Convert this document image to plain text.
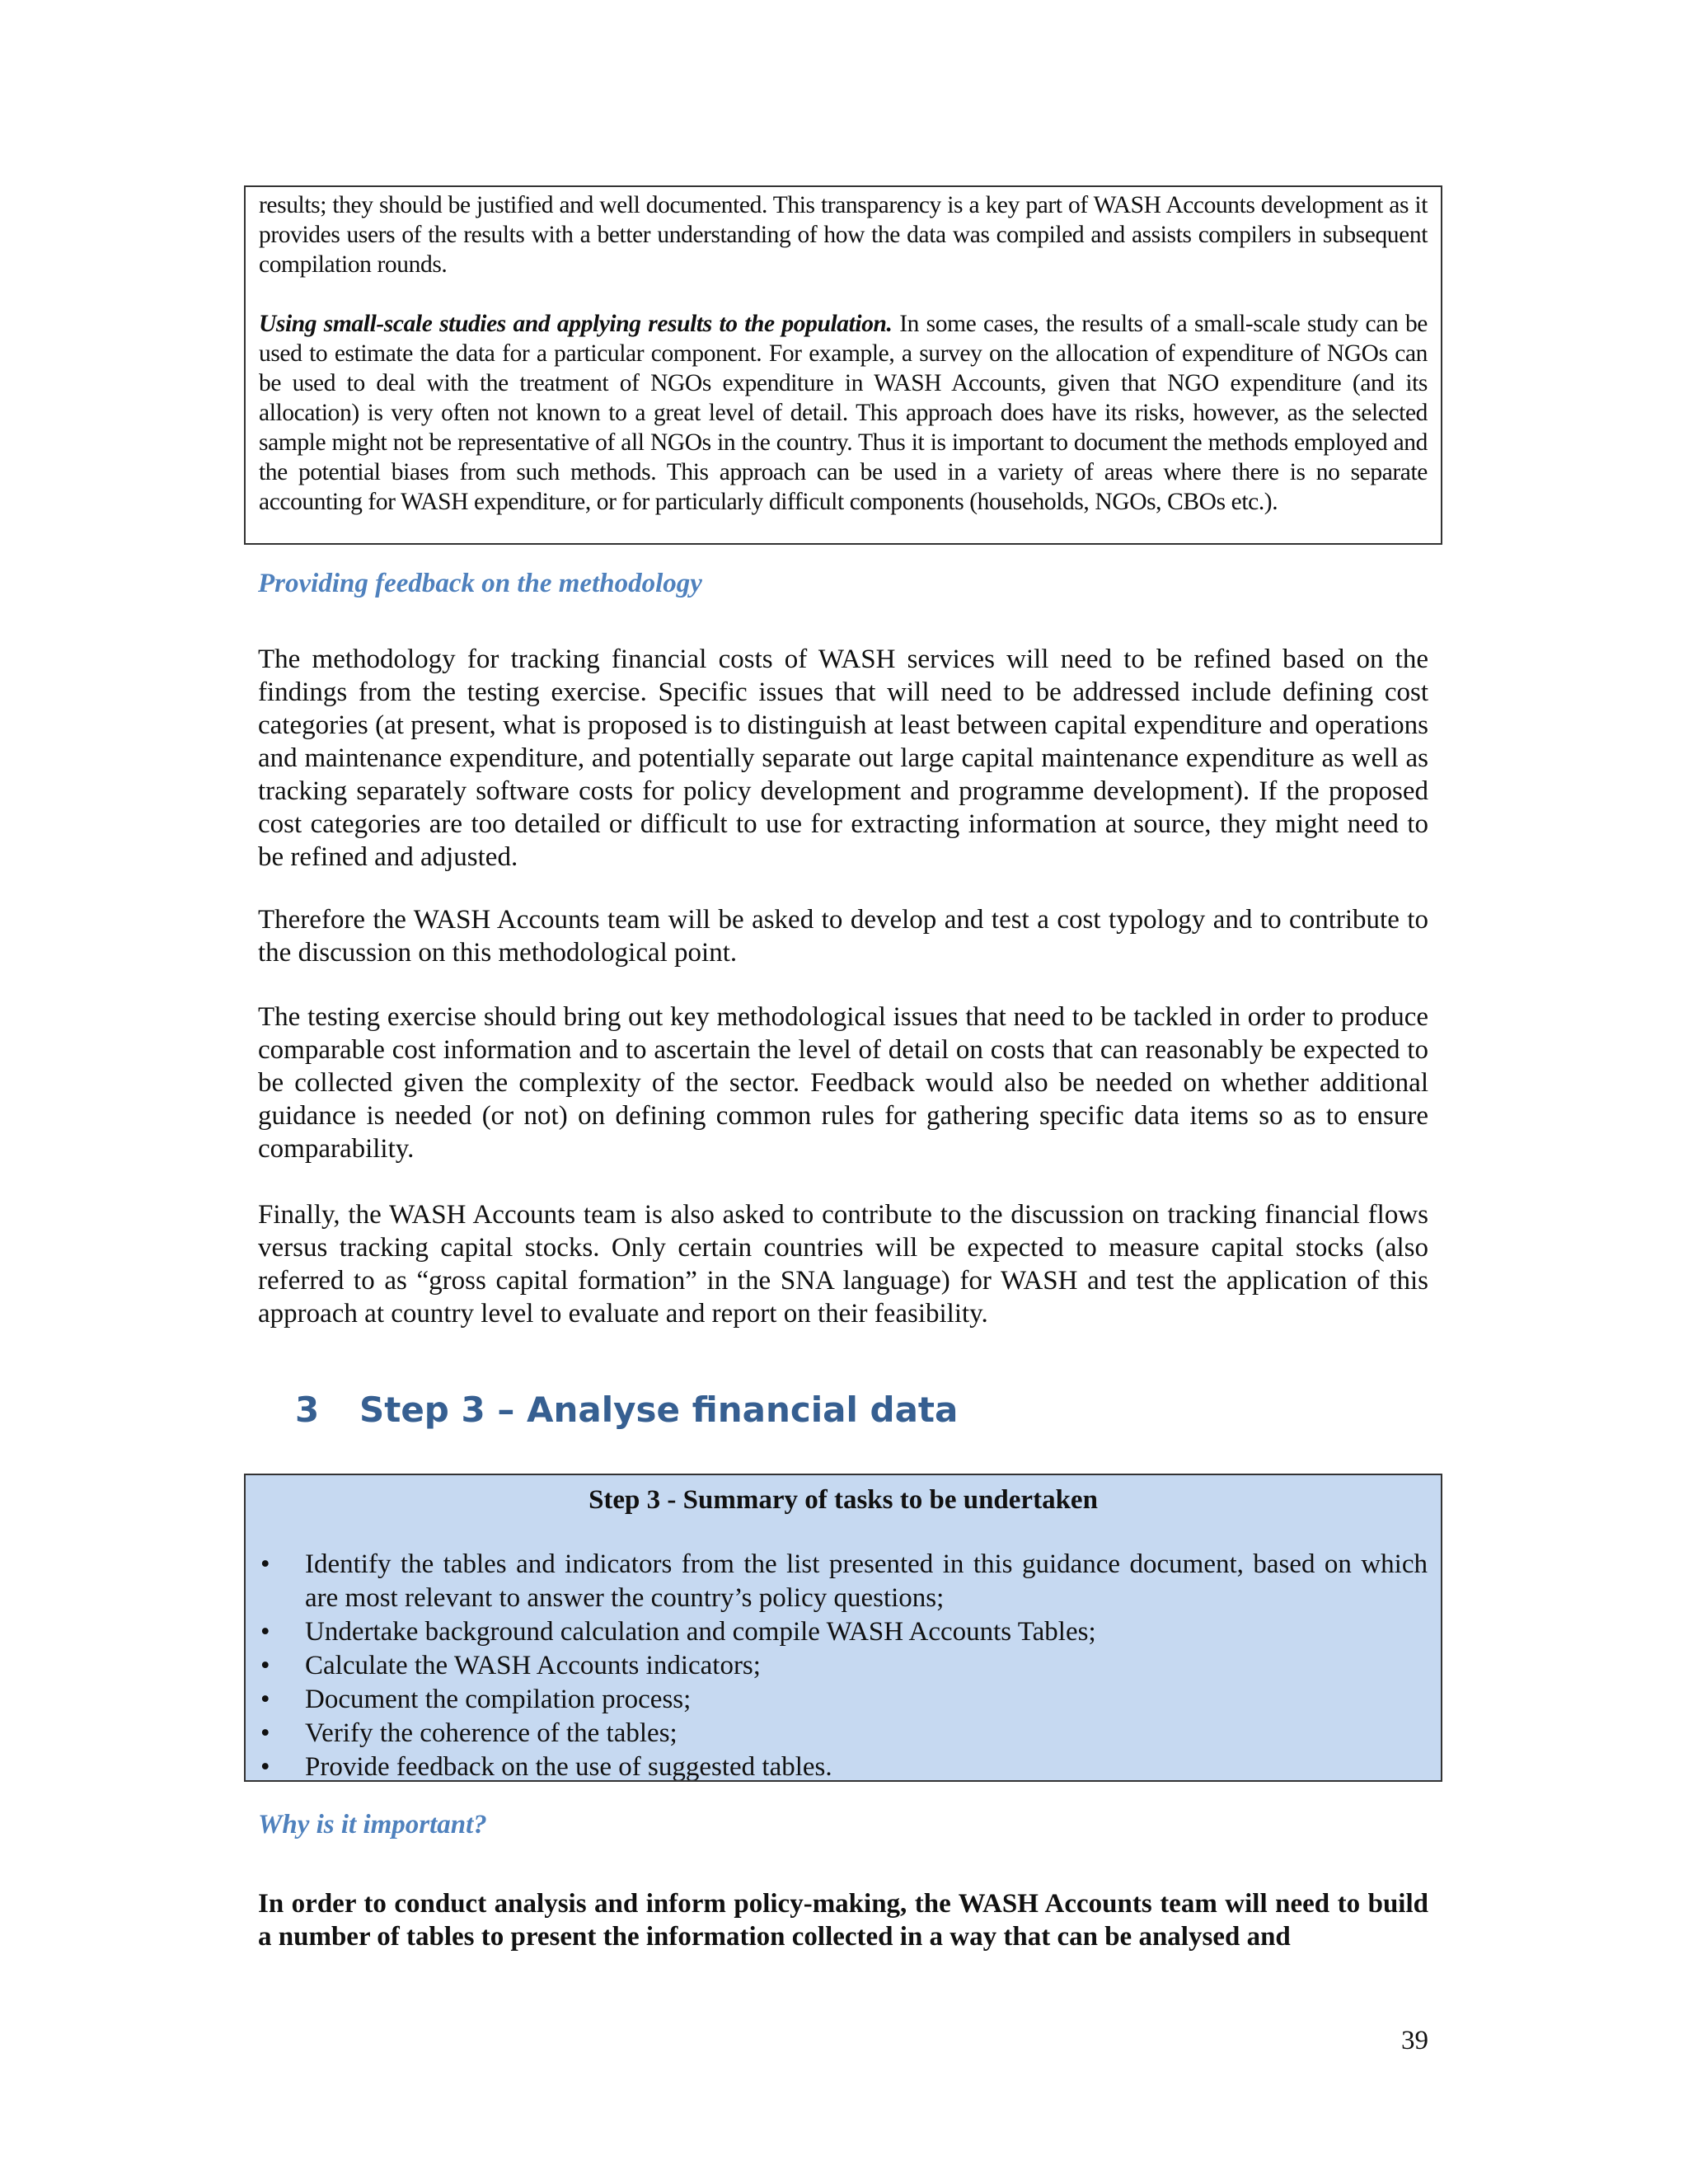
results; they should be justified and well documented. This transparency is a key part of WASH Accounts development as it provides users of the results with a better understanding of how the data was compiled and assists compilers in subsequent compilation rounds.

Using small-scale studies and applying results to the population. In some cases, the results of a small-scale study can be used to estimate the data for a particular component. For example, a survey on the allocation of expenditure of NGOs can be used to deal with the treatment of NGOs expenditure in WASH Accounts, given that NGO expenditure (and its allocation) is very often not known to a great level of detail. This approach does have its risks, however, as the selected sample might not be representative of all NGOs in the country. Thus it is important to document the methods employed and the potential biases from such methods. This approach can be used in a variety of areas where there is no separate accounting for WASH expenditure, or for particularly difficult components (households, NGOs, CBOs etc.).

Providing feedback on the methodology

The methodology for tracking financial costs of WASH services will need to be refined based on the findings from the testing exercise. Specific issues that will need to be addressed include defining cost categories (at present, what is proposed is to distinguish at least between capital expenditure and operations and maintenance expenditure, and potentially separate out large capital maintenance expenditure as well as tracking separately software costs for policy development and programme development). If the proposed cost categories are too detailed or difficult to use for extracting information at source, they might need to be refined and adjusted.

Therefore the WASH Accounts team will be asked to develop and test a cost typology and to contribute to the discussion on this methodological point.

The testing exercise should bring out key methodological issues that need to be tackled in order to produce comparable cost information and to ascertain the level of detail on costs that can reasonably be expected to be collected given the complexity of the sector. Feedback would also be needed on whether additional guidance is needed (or not) on defining common rules for gathering specific data items so as to ensure comparability.

Finally, the WASH Accounts team is also asked to contribute to the discussion on tracking financial flows versus tracking capital stocks. Only certain countries will be expected to measure capital stocks (also referred to as “gross capital formation” in the SNA language) for WASH and test the application of this approach at country level to evaluate and report on their feasibility.

3 Step 3 – Analyse financial data

Step 3 - Summary of tasks to be undertaken

•	Identify the tables and indicators from the list presented in this guidance document, based on which are most relevant to answer the country’s policy questions;
•	Undertake background calculation and compile WASH Accounts Tables;
•	Calculate the WASH Accounts indicators;
•	Document the compilation process;
•	Verify the coherence of the tables;
•	Provide feedback on the use of suggested tables.

Why is it important?

In order to conduct analysis and inform policy-making, the WASH Accounts team will need to build a number of tables to present the information collected in a way that can be analysed and

39
